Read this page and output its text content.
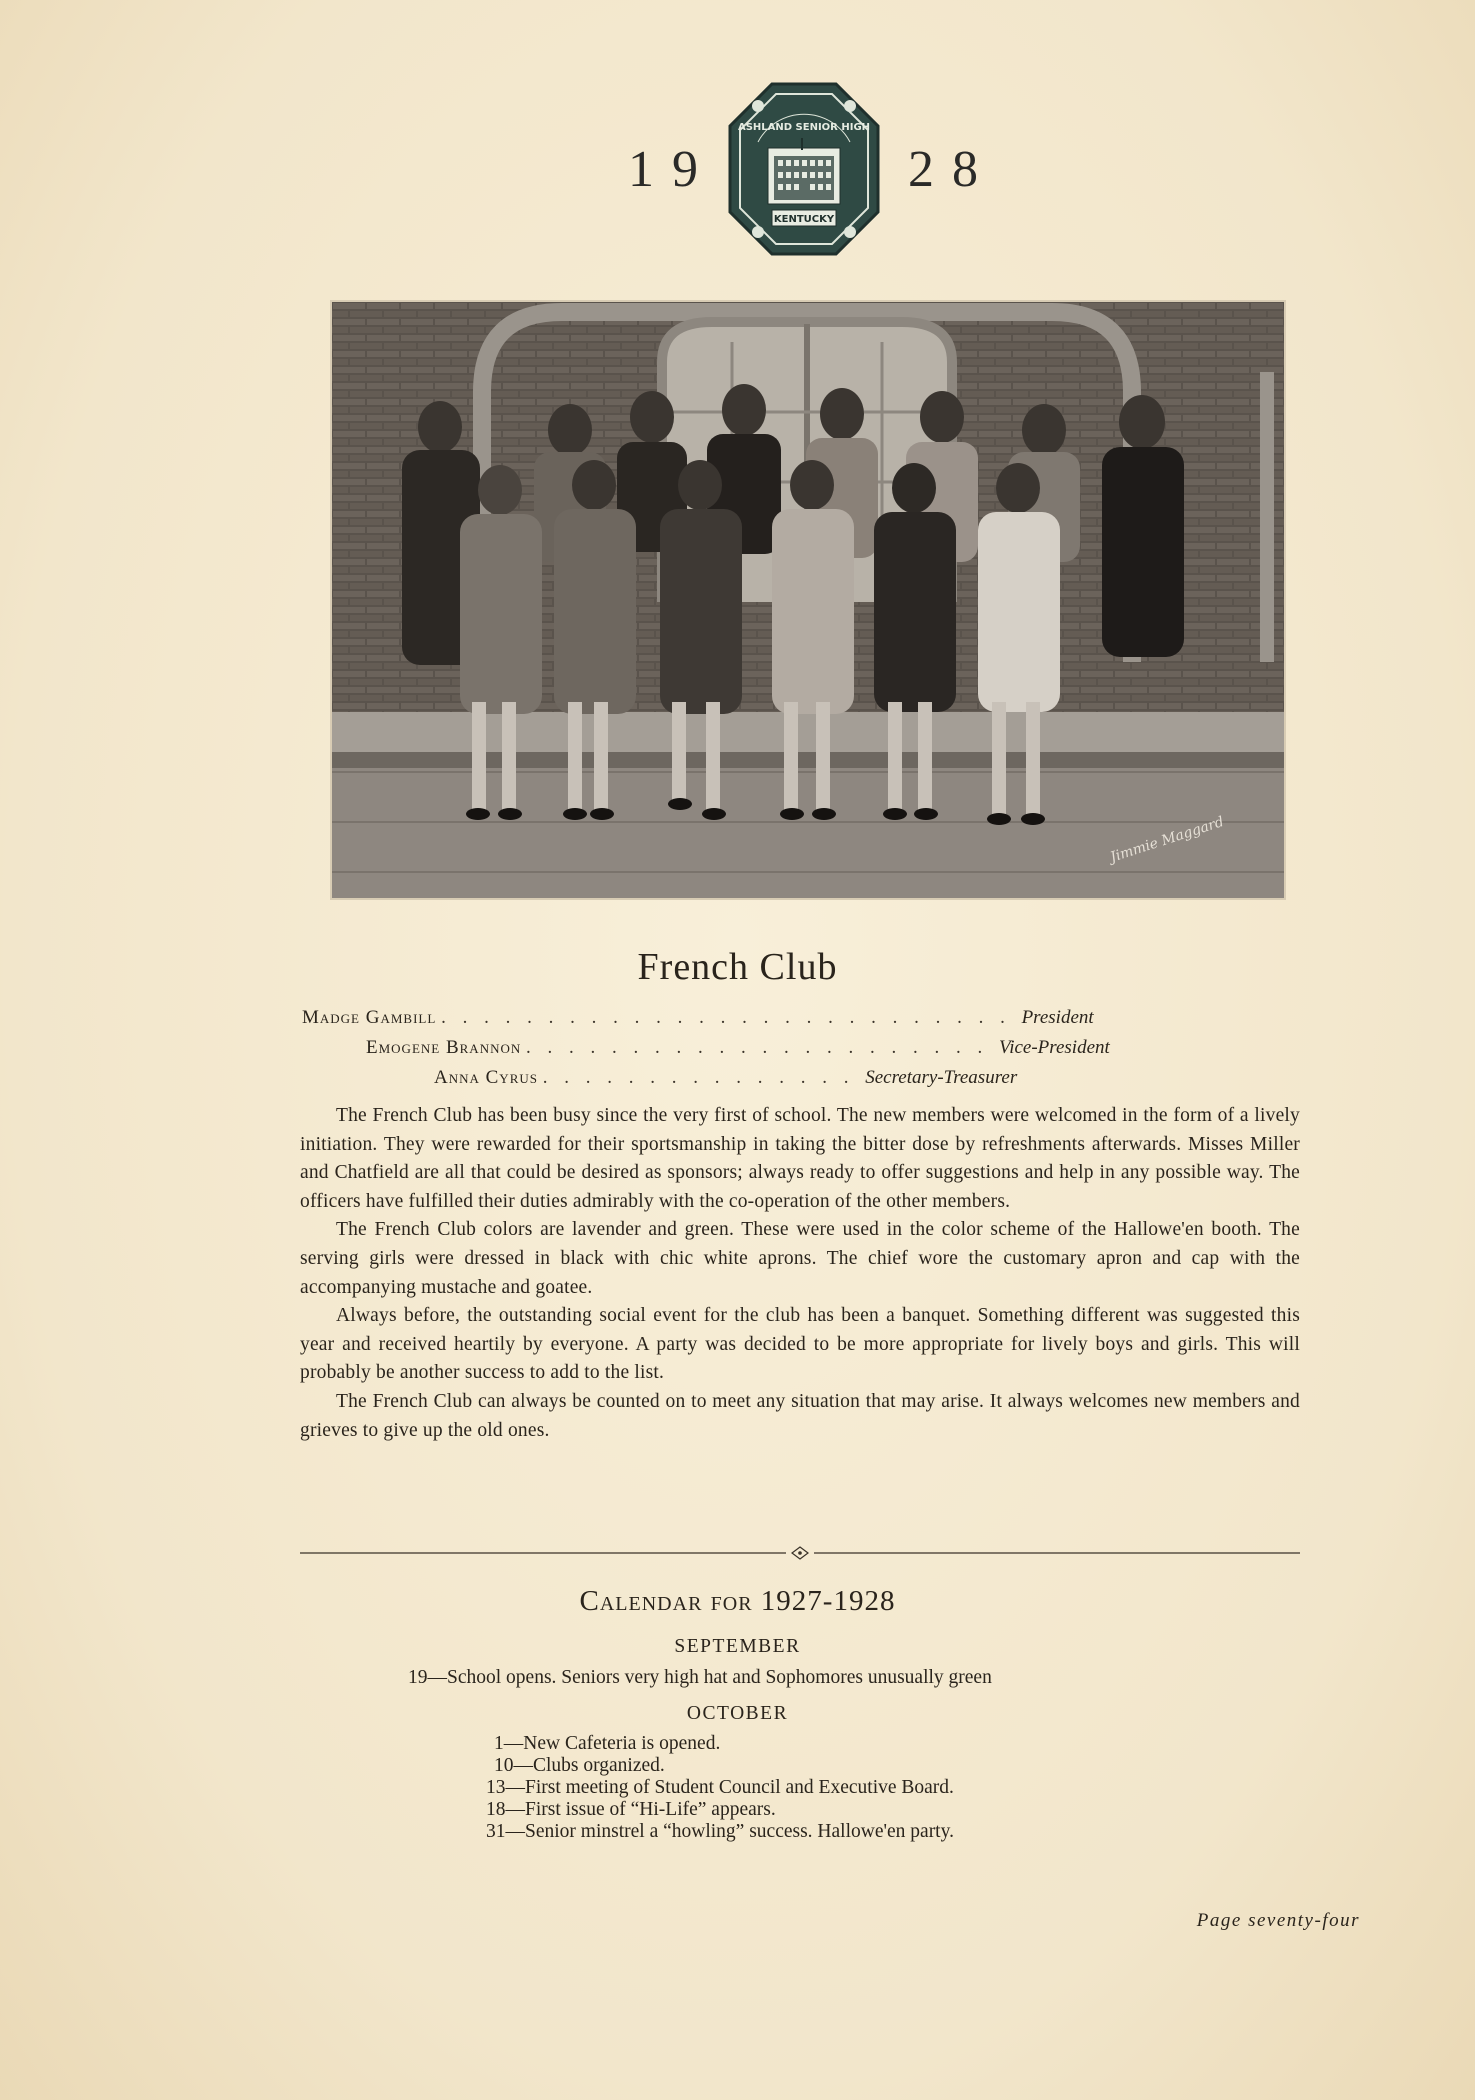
19	28
ASHLAND SENIOR HIGH
KENTUCKY
Jimmie Maggard
French Club
Madge Gambill . . . . . . . . . . . . . . . . . . . . . . . . . . . President
Emogene Brannon . . . . . . . . . . . . . . . . . . . . . . Vice-President
Anna Cyrus . . . . . . . . . . . . . . . Secretary-Treasurer

The French Club has been busy since the very first of school. The new members were welcomed in the form of a lively initiation. They were rewarded for their sportsmanship in taking the bitter dose by refreshments afterwards. Misses Miller and Chatfield are all that could be desired as sponsors; always ready to offer suggestions and help in any possible way. The officers have fulfilled their duties admirably with the co-operation of the other members.

The French Club colors are lavender and green. These were used in the color scheme of the Hallowe'en booth. The serving girls were dressed in black with chic white aprons. The chief wore the customary apron and cap with the accompanying mustache and goatee.

Always before, the outstanding social event for the club has been a banquet. Something different was suggested this year and received heartily by everyone. A party was decided to be more appropriate for lively boys and girls. This will probably be another success to add to the list.

The French Club can always be counted on to meet any situation that may arise. It always welcomes new members and grieves to give up the old ones.

Calendar for 1927-1928
SEPTEMBER
19—School opens. Seniors very high hat and Sophomores unusually green
OCTOBER
1—New Cafeteria is opened.
10—Clubs organized.
13—First meeting of Student Council and Executive Board.
18—First issue of “Hi-Life” appears.
31—Senior minstrel a “howling” success. Hallowe'en party.
Page seventy-four
